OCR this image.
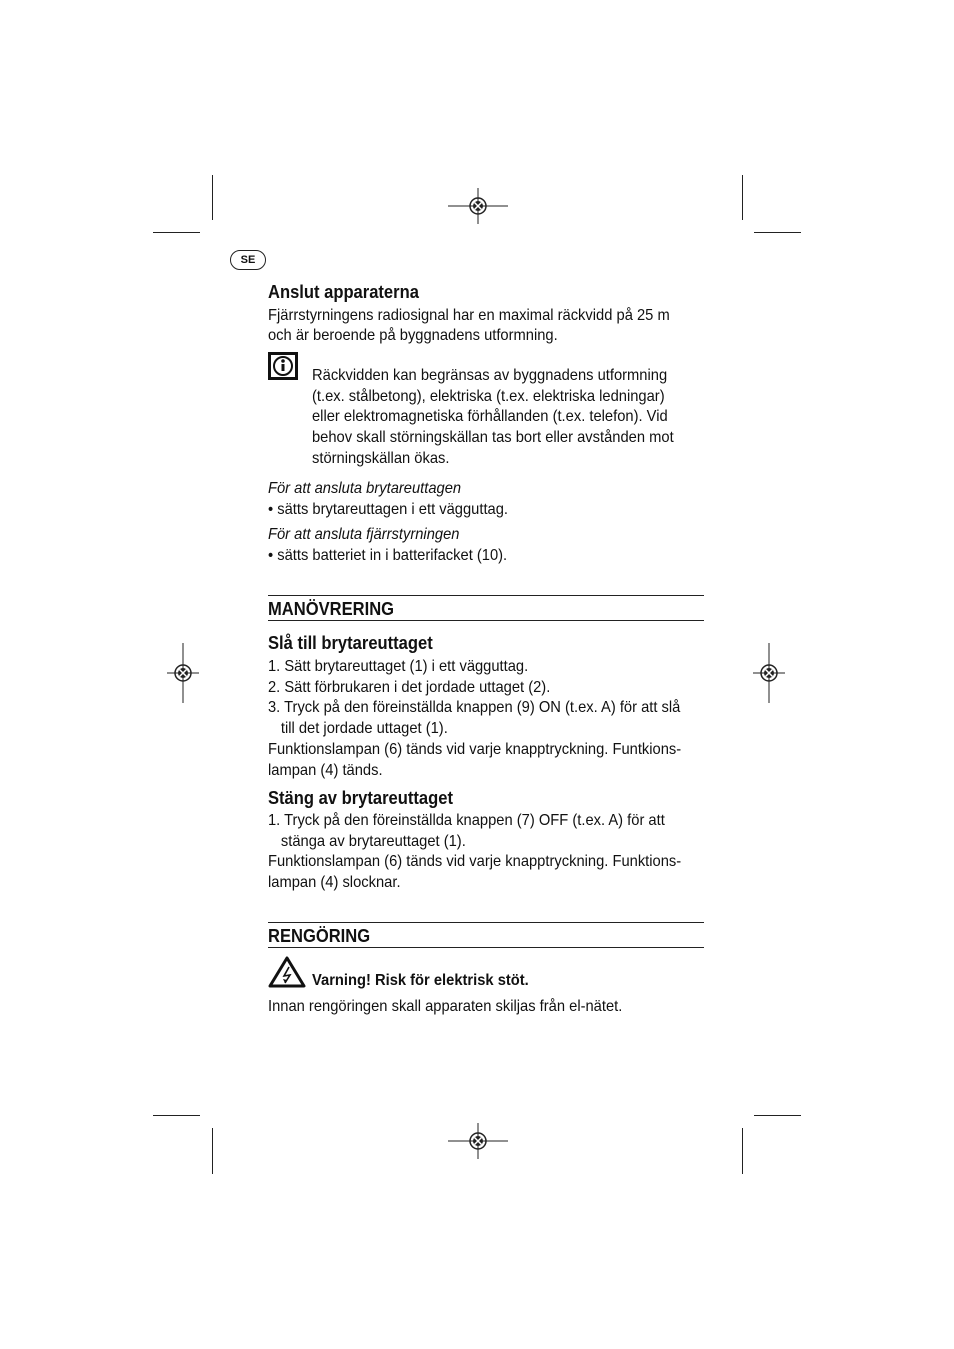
SE
Anslut apparaterna
Fjärrstyrningens radiosignal har en maximal räckvidd på 25 m
och är beroende på byggnadens utformning.
Räckvidden kan begränsas av byggnadens utformning
(t.ex. stålbetong), elektriska (t.ex. elektriska ledningar)
eller elektromagnetiska förhållanden (t.ex. telefon). Vid
behov skall störningskällan tas bort eller avstånden mot
störningskällan ökas.
För att ansluta brytareuttagen
• sätts brytareuttagen i ett vägguttag.
För att ansluta fjärrstyrningen
• sätts batteriet in i batterifacket (10).
MANÖVRERING
Slå till brytareuttaget
1. Sätt brytareuttaget (1) i ett vägguttag.
2. Sätt förbrukaren i det jordade uttaget (2).
3. Tryck på den föreinställda knappen (9) ON (t.ex. A) för att slå
till det jordade uttaget (1).
Funktionslampan (6) tänds vid varje knapptryckning. Funtkions-
lampan (4) tänds.
Stäng av brytareuttaget
1. Tryck på den föreinställda knappen (7) OFF (t.ex. A) för att
stänga av brytareuttaget (1).
Funktionslampan (6) tänds vid varje knapptryckning. Funktions-
lampan (4) slocknar.
RENGÖRING
Varning! Risk för elektrisk stöt.
Innan rengöringen skall apparaten skiljas från el-nätet.
